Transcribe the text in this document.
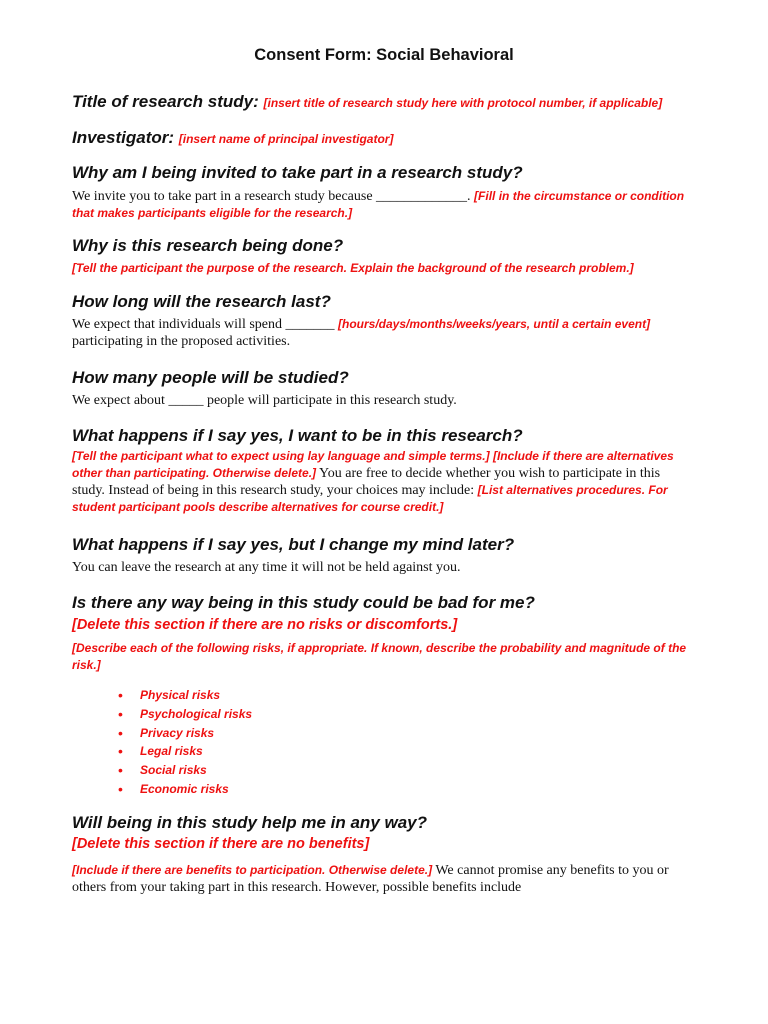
Consent Form: Social Behavioral
Title of research study: [insert title of research study here with protocol number, if applicable]
Investigator: [insert name of principal investigator]
Why am I being invited to take part in a research study?

We invite you to take part in a research study because _____________. [Fill in the circumstance or condition that makes participants eligible for the research.]

Why is this research being done?

[Tell the participant the purpose of the research. Explain the background of the research problem.]

How long will the research last?

We expect that individuals will spend _______ [hours/days/months/weeks/years, until a certain event] participating in the proposed activities.

How many people will be studied?

We expect about _____ people will participate in this research study.

What happens if I say yes, I want to be in this research?

[Tell the participant what to expect using lay language and simple terms.] [Include if there are alternatives other than participating. Otherwise delete.] You are free to decide whether you wish to participate in this study. Instead of being in this research study, your choices may include: [List alternatives procedures. For student participant pools describe alternatives for course credit.]

What happens if I say yes, but I change my mind later?

You can leave the research at any time it will not be held against you.

Is there any way being in this study could be bad for me?
[Delete this section if there are no risks or discomforts.]

[Describe each of the following risks, if appropriate. If known, describe the probability and magnitude of the risk.]

• Physical risks
• Psychological risks
• Privacy risks
• Legal risks
• Social risks
• Economic risks
Will being in this study help me in any way?
[Delete this section if there are no benefits]

[Include if there are benefits to participation. Otherwise delete.] We cannot promise any benefits to you or others from your taking part in this research. However, possible benefits include
